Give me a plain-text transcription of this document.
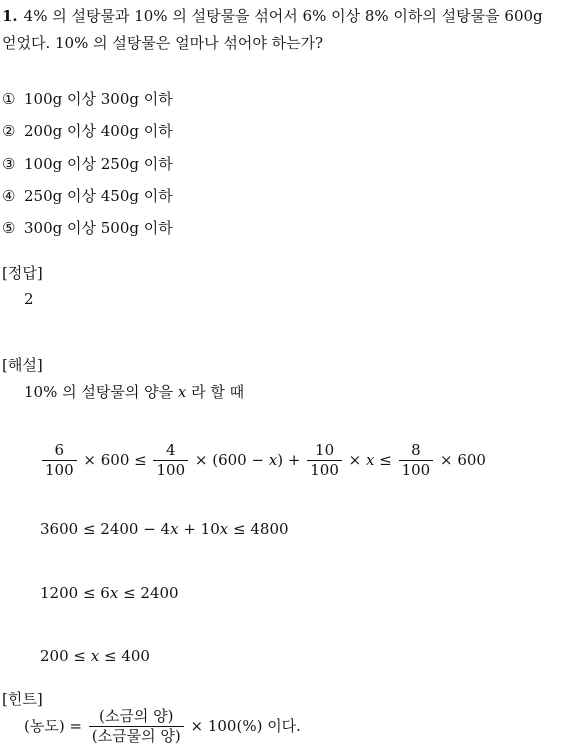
1. 4% 의 설탕물과 10% 의 설탕물을 섞어서 6% 이상 8% 이하의 설탕물을 600g
얻었다. 10% 의 설탕물은 얼마나 섞어야 하는가?
① 100g 이상 300g 이하
② 200g 이상 400g 이하
③ 100g 이상 250g 이하
④ 250g 이상 450g 이하
⑤ 300g 이상 500g 이하
[정답]
2
[해설]
10% 의 설탕물의 양을 x 라 할 때
$\frac{6}{100} \times 600 \le \frac{4}{100} \times (600 - x) + \frac{10}{100} \times x \le \frac{8}{100} \times 600$
3600 ≤ 2400 − 4x + 10x ≤ 4800
1200 ≤ 6x ≤ 2400
200 ≤ x ≤ 400
[힌트]
(농도) = $\frac{\text{(소금의 양)}}{\text{(소금물의 양)}} \times 100(\%)$ 이다.
